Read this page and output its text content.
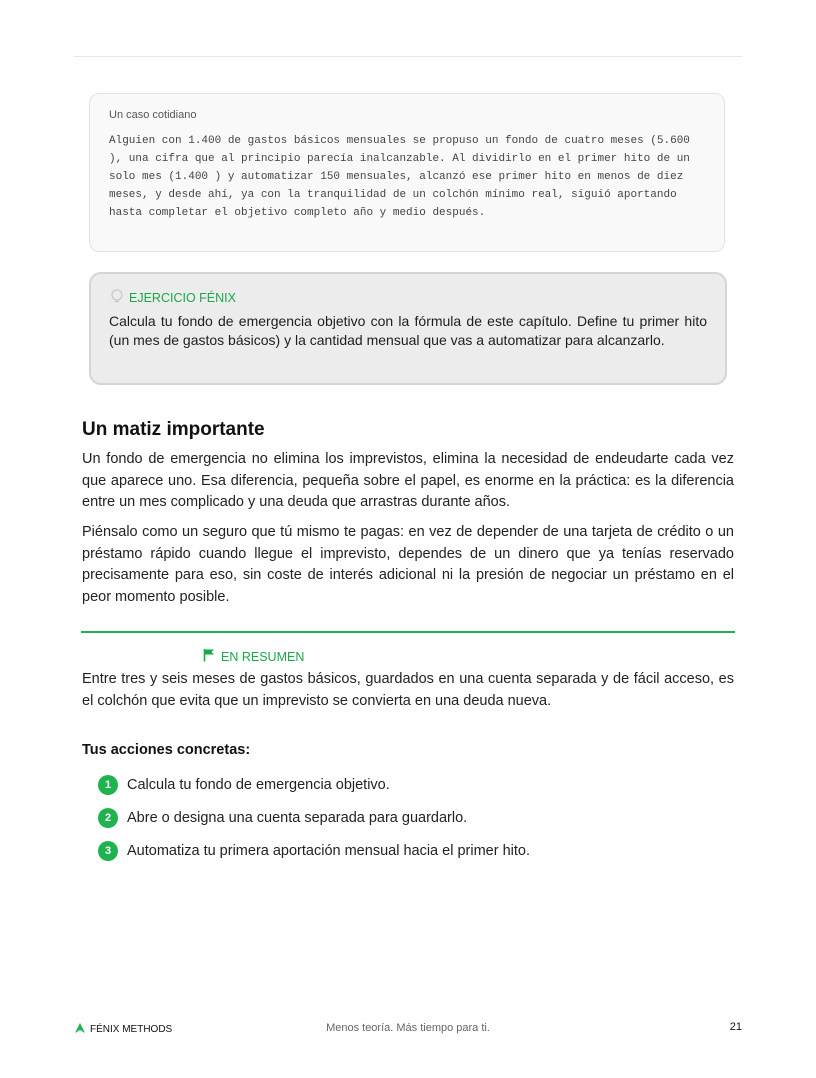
Un caso cotidiano

Alguien con 1.400 de gastos básicos mensuales se propuso un fondo de cuatro meses (5.600 ), una cifra que al principio parecía inalcanzable. Al dividirlo en el primer hito de un solo mes (1.400 ) y automatizar 150 mensuales, alcanzó ese primer hito en menos de diez meses, y desde ahí, ya con la tranquilidad de un colchón mínimo real, siguió aportando hasta completar el objetivo completo año y medio después.

EJERCICIO FÉNIX

Calcula tu fondo de emergencia objetivo con la fórmula de este capítulo. Define tu primer hito (un mes de gastos básicos) y la cantidad mensual que vas a automatizar para alcanzarlo.

Un matiz importante

Un fondo de emergencia no elimina los imprevistos, elimina la necesidad de endeudarte cada vez que aparece uno. Esa diferencia, pequeña sobre el papel, es enorme en la práctica: es la diferencia entre un mes complicado y una deuda que arrastras durante años.

Piénsalo como un seguro que tú mismo te pagas: en vez de depender de una tarjeta de crédito o un préstamo rápido cuando llegue el imprevisto, dependes de un dinero que ya tenías reservado precisamente para eso, sin coste de interés adicional ni la presión de negociar un préstamo en el peor momento posible.

EN RESUMEN

Entre tres y seis meses de gastos básicos, guardados en una cuenta separada y de fácil acceso, es el colchón que evita que un imprevisto se convierta en una deuda nueva.

Tus acciones concretas:
1	Calcula tu fondo de emergencia objetivo.
2	Abre o designa una cuenta separada para guardarlo.
3	Automatiza tu primera aportación mensual hacia el primer hito.
FÉNIX METHODS	Menos teoría. Más tiempo para ti.	21
